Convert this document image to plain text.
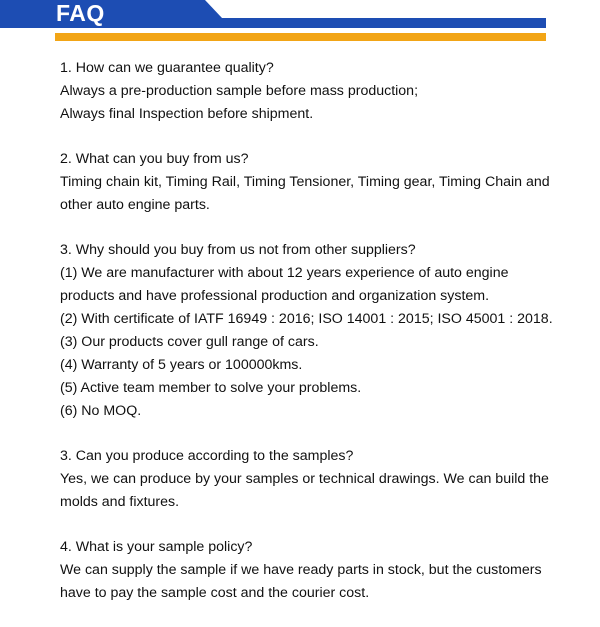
FAQ

1. How can we guarantee quality?

Always a pre-production sample before mass production;

Always final Inspection before shipment.

2. What can you buy from us?

Timing chain kit, Timing Rail, Timing Tensioner, Timing gear, Timing Chain and other auto engine parts.

3. Why should you buy from us not from other suppliers?

(1) We are manufacturer with about 12 years experience of auto engine products and have professional production and organization system.

(2) With certificate of IATF 16949 : 2016; ISO 14001 : 2015; ISO 45001 : 2018.

(3) Our products cover gull range of cars.

(4) Warranty of 5 years or 100000kms.

(5) Active team member to solve your problems.

(6) No MOQ.

3. Can you produce according to the samples?

Yes, we can produce by your samples or technical drawings. We can build the molds and fixtures.

4. What is your sample policy?

We can supply the sample if we have ready parts in stock, but the customers have to pay the sample cost and the courier cost.
